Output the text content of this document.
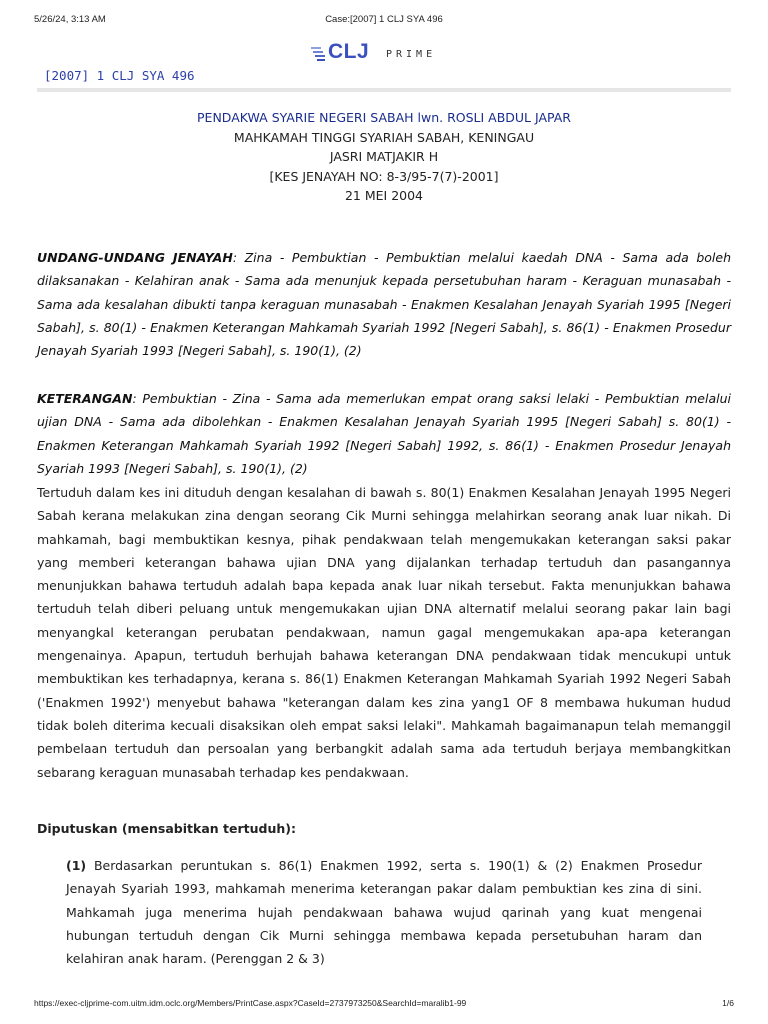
5/26/24, 3:13 AM	Case:[2007] 1 CLJ SYA 496
CLJ PRIME
[2007] 1 CLJ SYA 496
PENDAKWA SYARIE NEGERI SABAH lwn. ROSLI ABDUL JAPAR
MAHKAMAH TINGGI SYARIAH SABAH, KENINGAU
JASRI MATJAKIR H
[KES JENAYAH NO: 8-3/95-7(7)-2001]
21 MEI 2004
UNDANG-UNDANG JENAYAH: Zina - Pembuktian - Pembuktian melalui kaedah DNA - Sama ada boleh dilaksanakan - Kelahiran anak - Sama ada menunjuk kepada persetubuhan haram - Keraguan munasabah - Sama ada kesalahan dibukti tanpa keraguan munasabah - Enakmen Kesalahan Jenayah Syariah 1995 [Negeri Sabah], s. 80(1) - Enakmen Keterangan Mahkamah Syariah 1992 [Negeri Sabah], s. 86(1) - Enakmen Prosedur Jenayah Syariah 1993 [Negeri Sabah], s. 190(1), (2)
KETERANGAN: Pembuktian - Zina - Sama ada memerlukan empat orang saksi lelaki - Pembuktian melalui ujian DNA - Sama ada dibolehkan - Enakmen Kesalahan Jenayah Syariah 1995 [Negeri Sabah] s. 80(1) - Enakmen Keterangan Mahkamah Syariah 1992 [Negeri Sabah] 1992, s. 86(1) - Enakmen Prosedur Jenayah Syariah 1993 [Negeri Sabah], s. 190(1), (2)
Tertuduh dalam kes ini dituduh dengan kesalahan di bawah s. 80(1) Enakmen Kesalahan Jenayah 1995 Negeri Sabah kerana melakukan zina dengan seorang Cik Murni sehingga melahirkan seorang anak luar nikah. Di mahkamah, bagi membuktikan kesnya, pihak pendakwaan telah mengemukakan keterangan saksi pakar yang memberi keterangan bahawa ujian DNA yang dijalankan terhadap tertuduh dan pasangannya menunjukkan bahawa tertuduh adalah bapa kepada anak luar nikah tersebut. Fakta menunjukkan bahawa tertuduh telah diberi peluang untuk mengemukakan ujian DNA alternatif melalui seorang pakar lain bagi menyangkal keterangan perubatan pendakwaan, namun gagal mengemukakan apa-apa keterangan mengenainya. Apapun, tertuduh berhujah bahawa keterangan DNA pendakwaan tidak mencukupi untuk membuktikan kes terhadapnya, kerana s. 86(1) Enakmen Keterangan Mahkamah Syariah 1992 Negeri Sabah ('Enakmen 1992') menyebut bahawa "keterangan dalam kes zina yang1 OF 8 membawa hukuman hudud tidak boleh diterima kecuali disaksikan oleh empat saksi lelaki". Mahkamah bagaimanapun telah memanggil pembelaan tertuduh dan persoalan yang berbangkit adalah sama ada tertuduh berjaya membangkitkan sebarang keraguan munasabah terhadap kes pendakwaan.
Diputuskan (mensabitkan tertuduh):
(1) Berdasarkan peruntukan s. 86(1) Enakmen 1992, serta s. 190(1) & (2) Enakmen Prosedur Jenayah Syariah 1993, mahkamah menerima keterangan pakar dalam pembuktian kes zina di sini. Mahkamah juga menerima hujah pendakwaan bahawa wujud qarinah yang kuat mengenai hubungan tertuduh dengan Cik Murni sehingga membawa kepada persetubuhan haram dan kelahiran anak haram. (Perenggan 2 & 3)
https://exec-cljprime-com.uitm.idm.oclc.org/Members/PrintCase.aspx?CaseId=2737973250&SearchId=maralib1-99	1/6
